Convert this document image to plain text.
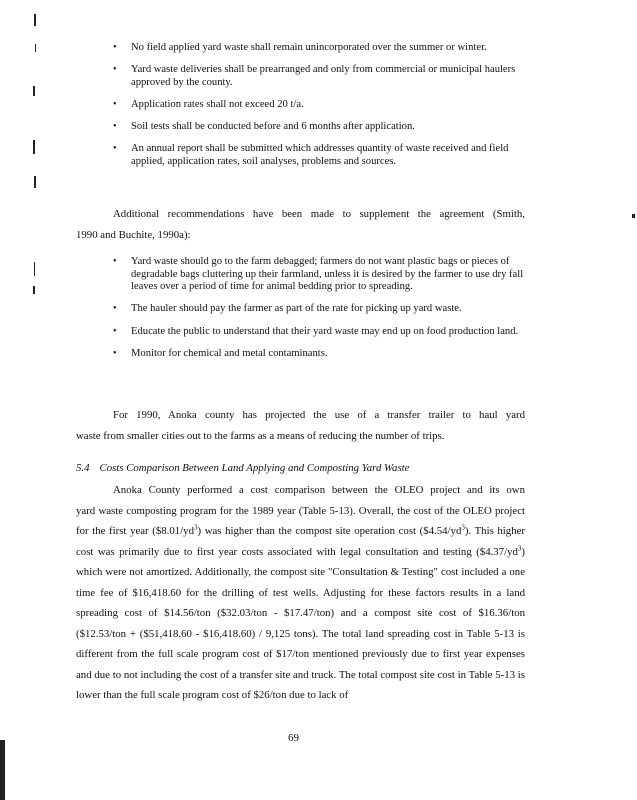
• No field applied yard waste shall remain unincorporated over the summer or winter.
• Yard waste deliveries shall be prearranged and only from commercial or municipal haulers approved by the county.
• Application rates shall not exceed 20 t/a.
• Soil tests shall be conducted before and 6 months after application.
• An annual report shall be submitted which addresses quantity of waste received and field applied, application rates, soil analyses, problems and sources.
Additional recommendations have been made to supplement the agreement (Smith,
1990 and Buchite, 1990a):
• Yard waste should go to the farm debagged; farmers do not want plastic bags or pieces of degradable bags cluttering up their farmland, unless it is desired by the farmer to use dry fall leaves over a period of time for animal bedding prior to spreading.
• The hauler should pay the farmer as part of the rate for picking up yard waste.
• Educate the public to understand that their yard waste may end up on food production land.
• Monitor for chemical and metal contaminants.
For 1990, Anoka county has projected the use of a transfer trailer to haul yard
waste from smaller cities out to the farms as a means of reducing the number of trips.
5.4 Costs Comparison Between Land Applying and Composting Yard Waste
Anoka County performed a cost comparison between the OLEO project and its own
yard waste composting program for the 1989 year (Table 5-13). Overall, the cost of the OLEO project for the first year $(\$8.01/yd^3)$ was higher than the compost site operation cost $(\$4.54/yd^3)$. This higher cost was primarily due to first year costs associated with legal consultation and testing $(\$4.37/yd^3)$ which were not amortized. Additionally, the compost site "Consultation & Testing" cost included a one time fee of $16,418.60 for the drilling of test wells. Adjusting for these factors results in a land spreading cost of $14.56/ton ($32.03/ton - $17.47/ton) and a compost site cost of $16.36/ton ($12.53/ton + ($51,418.60 - $16,418.60) / 9,125 tons). The total land spreading cost in Table 5-13 is different from the full scale program cost of $17/ton mentioned previously due to first year expenses and due to not including the cost of a transfer site and truck. The total compost site cost in Table 5-13 is lower than the full scale program cost of $26/ton due to lack of
69
